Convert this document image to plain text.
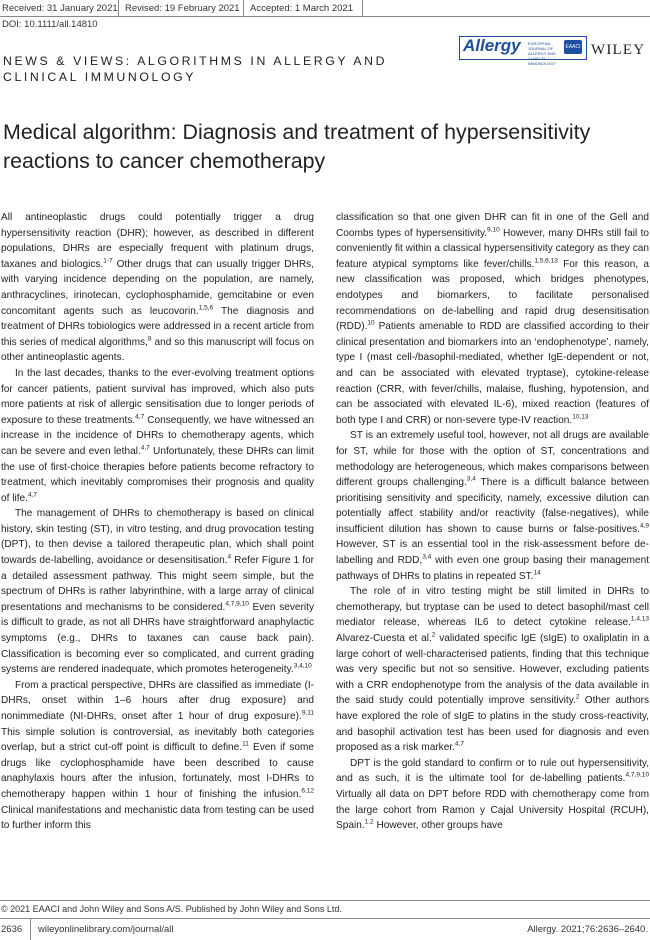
Received: 31 January 2021 Revised: 19 February 2021 Accepted: 1 March 2021
DOI: 10.1111/all.14810
NEWS & VIEWS: ALGORITHMS IN ALLERGY AND CLINICAL IMMUNOLOGY
Allergy EUROPEAN JOURNAL OF ALLERGY AND CLINICAL IMMUNOLOGY
EAACI WILEY
Medical algorithm: Diagnosis and treatment of hypersensitivity reactions to cancer chemotherapy

All antineoplastic drugs could potentially trigger a drug hypersensitivity reaction (DHR); however, as described in different populations, DHRs are especially frequent with platinum drugs, taxanes and biologics.$^{1-7}$ Other drugs that can usually trigger DHRs, with varying incidence depending on the population, are namely, anthracyclines, irinotecan, cyclophosphamide, gemcitabine or even concomitant agents such as leucovorin.$^{1,5,6}$ The diagnosis and treatment of DHRs tobiologics were addressed in a recent article from this series of medical algorithms,$^8$ and so this manuscript will focus on other antineoplastic agents.

In the last decades, thanks to the ever-evolving treatment options for cancer patients, patient survival has improved, which also puts more patients at risk of allergic sensitisation due to longer periods of exposure to these treatments.$^{4,7}$ Consequently, we have witnessed an increase in the incidence of DHRs to chemotherapy agents, which can be severe and even lethal.$^{4,7}$ Unfortunately, these DHRs can limit the use of first-choice therapies before patients become refractory to treatment, which inevitably compromises their prognosis and quality of life.$^{4,7}$

The management of DHRs to chemotherapy is based on clinical history, skin testing (ST), in vitro testing, and drug provocation testing (DPT), to then devise a tailored therapeutic plan, which shall point towards de-labelling, avoidance or desensitisation.$^4$ Refer Figure 1 for a detailed assessment pathway. This might seem simple, but the spectrum of DHRs is rather labyrinthine, with a large array of clinical presentations and mechanisms to be considered.$^{4,7,9,10}$ Even severity is difficult to grade, as not all DHRs have straightforward anaphylactic symptoms (e.g., DHRs to taxanes can cause back pain). Classification is becoming ever so complicated, and current grading systems are rendered inadequate, which promotes heterogeneity.$^{3,4,10}$

From a practical perspective, DHRs are classified as immediate (I-DHRs, onset within 1–6 hours after drug exposure) and nonimmediate (NI-DHRs, onset after 1 hour of drug exposure).$^{9,11}$ This simple solution is controversial, as inevitably both categories overlap, but a strict cut-off point is difficult to define.$^{11}$ Even if some drugs like cyclophosphamide have been described to cause anaphylaxis hours after the infusion, fortunately, most I-DHRs to chemotherapy happen within 1 hour of finishing the infusion.$^{6,12}$ Clinical manifestations and mechanistic data from testing can be used to further inform this

classification so that one given DHR can fit in one of the Gell and Coombs types of hypersensitivity.$^{9,10}$ However, many DHRs still fail to conveniently fit within a classical hypersensitivity category as they can feature atypical symptoms like fever/chills.$^{1,5,6,13}$ For this reason, a new classification was proposed, which bridges phenotypes, endotypes and biomarkers, to facilitate personalised recommendations on de-labelling and rapid drug desensitisation (RDD).$^{10}$ Patients amenable to RDD are classified according to their clinical presentation and biomarkers into an ‘endophenotype’, namely, type I (mast cell-/basophil-mediated, whether IgE-dependent or not, and can be associated with elevated tryptase), cytokine-release reaction (CRR, with fever/chills, malaise, flushing, hypotension, and can be associated with elevated IL-6), mixed reaction (features of both type I and CRR) or non-severe type-IV reaction.$^{10,13}$

ST is an extremely useful tool, however, not all drugs are available for ST, while for those with the option of ST, concentrations and methodology are heterogeneous, which makes comparisons between different groups challenging.$^{3,4}$ There is a difficult balance between prioritising sensitivity and specificity, namely, excessive dilution can potentially affect stability and/or reactivity (false-negatives), while insufficient dilution has shown to cause burns or false-positives.$^{4,9}$ However, ST is an essential tool in the risk-assessment before de-labelling and RDD,$^{3,4}$ with even one group basing their management pathways of DHRs to platins in repeated ST.$^{14}$

The role of in vitro testing might be still limited in DHRs to chemotherapy, but tryptase can be used to detect basophil/mast cell mediator release, whereas IL6 to detect cytokine release.$^{1,4,13}$ Alvarez-Cuesta et al.$^2$ validated specific IgE (sIgE) to oxaliplatin in a large cohort of well-characterised patients, finding that this technique was very specific but not so sensitive. However, excluding patients with a CRR endophenotype from the analysis of the data available in the said study could potentially improve sensitivity.$^2$ Other authors have explored the role of sIgE to platins in the study cross-reactivity, and basophil activation test has been used for diagnosis and even proposed as a risk marker.$^{4,7}$

DPT is the gold standard to confirm or to rule out hypersensitivity, and as such, it is the ultimate tool for de-labelling patients.$^{4,7,9,10}$ Virtually all data on DPT before RDD with chemotherapy come from the large cohort from Ramon y Cajal University Hospital (RCUH), Spain.$^{1,2}$ However, other groups have

© 2021 EAACI and John Wiley and Sons A/S. Published by John Wiley and Sons Ltd.
2636 wileyonlinelibrary.com/journal/all	Allergy. 2021;76:2636–2640.
